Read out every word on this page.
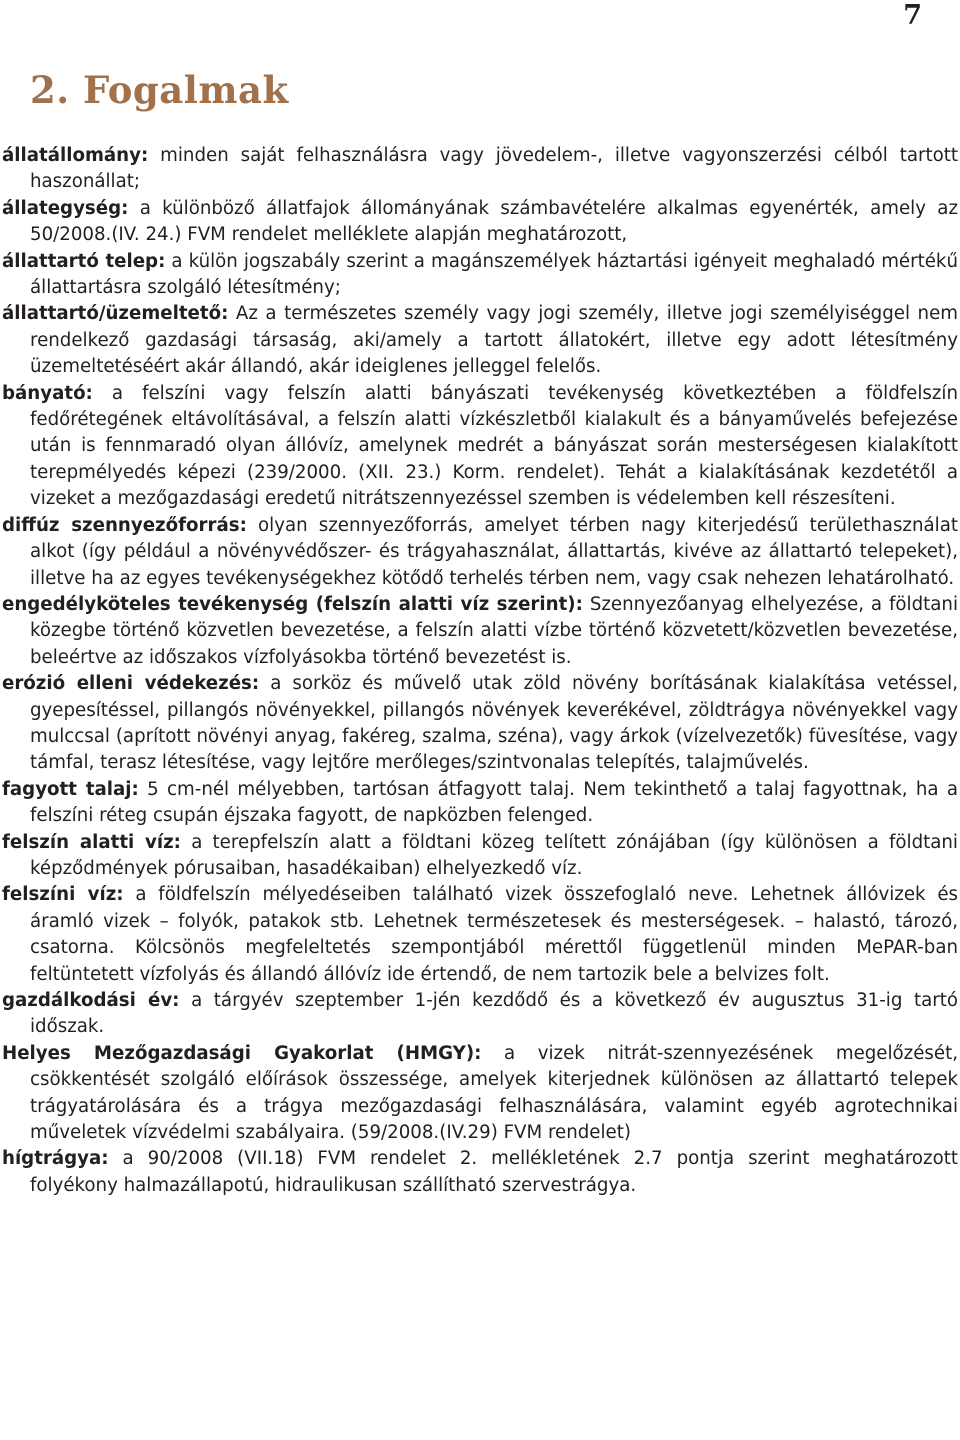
7
2. Fogalmak

állatállomány: minden saját felhasználásra vagy jövedelem-, illetve vagyonszerzési célból tartott haszonállat;

állategység: a különböző állatfajok állományának számbavételére alkalmas egyenérték, amely az 50/2008.(IV. 24.) FVM rendelet melléklete alapján meghatározott,

állattartó telep: a külön jogszabály szerint a magánszemélyek háztartási igényeit meghaladó mértékű állattartásra szolgáló létesítmény;

állattartó/üzemeltető: Az a természetes személy vagy jogi személy, illetve jogi személyiséggel nem rendelkező gazdasági társaság, aki/amely a tartott állatokért, illetve egy adott létesítmény üzemeltetéséért akár állandó, akár ideiglenes jelleggel felelős.

bányató: a felszíni vagy felszín alatti bányászati tevékenység következtében a földfelszín fedőrétegének eltávolításával, a felszín alatti vízkészletből kialakult és a bányaművelés befejezése után is fennmaradó olyan állóvíz, amelynek medrét a bányászat során mesterségesen kialakított terepmélyedés képezi (239/2000. (XII. 23.) Korm. rendelet). Tehát a kialakításának kezdetétől a vizeket a mezőgazdasági eredetű nitrátszennyezéssel szemben is védelemben kell részesíteni.

diffúz szennyezőforrás: olyan szennyezőforrás, amelyet térben nagy kiterjedésű területhasználat alkot (így például a növényvédőszer- és trágyahasználat, állattartás, kivéve az állattartó telepeket), illetve ha az egyes tevékenységekhez kötődő terhelés térben nem, vagy csak nehezen lehatárolható.

engedélyköteles tevékenység (felszín alatti víz szerint): Szennyezőanyag elhelyezése, a földtani közegbe történő közvetlen bevezetése, a felszín alatti vízbe történő közvetett/közvetlen bevezetése, beleértve az időszakos vízfolyásokba történő bevezetést is.

erózió elleni védekezés: a sorköz és művelő utak zöld növény borításának kialakítása vetéssel, gyepesítéssel, pillangós növényekkel, pillangós növények keverékével, zöldtrágya növényekkel vagy mulccsal (aprított növényi anyag, fakéreg, szalma, széna), vagy árkok (vízelvezetők) füvesítése, vagy támfal, terasz létesítése, vagy lejtőre merőleges/szintvonalas telepítés, talajművelés.

fagyott talaj: 5 cm-nél mélyebben, tartósan átfagyott talaj. Nem tekinthető a talaj fagyottnak, ha a felszíni réteg csupán éjszaka fagyott, de napközben felenged.

felszín alatti víz: a terepfelszín alatt a földtani közeg telített zónájában (így különösen a földtani képződmények pórusaiban, hasadékaiban) elhelyezkedő víz.

felszíni víz: a földfelszín mélyedéseiben található vizek összefoglaló neve. Lehetnek állóvizek és áramló vizek – folyók, patakok stb. Lehetnek természetesek és mesterségesek. – halastó, tározó, csatorna. Kölcsönös megfeleltetés szempontjából mérettől függetlenül minden MePAR-ban feltüntetett vízfolyás és állandó állóvíz ide értendő, de nem tartozik bele a belvizes folt.

gazdálkodási év: a tárgyév szeptember 1-jén kezdődő és a következő év augusztus 31-ig tartó időszak.

Helyes Mezőgazdasági Gyakorlat (HMGY): a vizek nitrát-szennyezésének megelőzését, csökkentését szolgáló előírások összessége, amelyek kiterjednek különösen az állattartó telepek trágyatárolására és a trágya mezőgazdasági felhasználására, valamint egyéb agrotechnikai műveletek vízvédelmi szabályaira. (59/2008.(IV.29) FVM rendelet)

hígtrágya: a 90/2008 (VII.18) FVM rendelet 2. mellékletének 2.7 pontja szerint meghatározott folyékony halmazállapotú, hidraulikusan szállítható szervestrágya.
